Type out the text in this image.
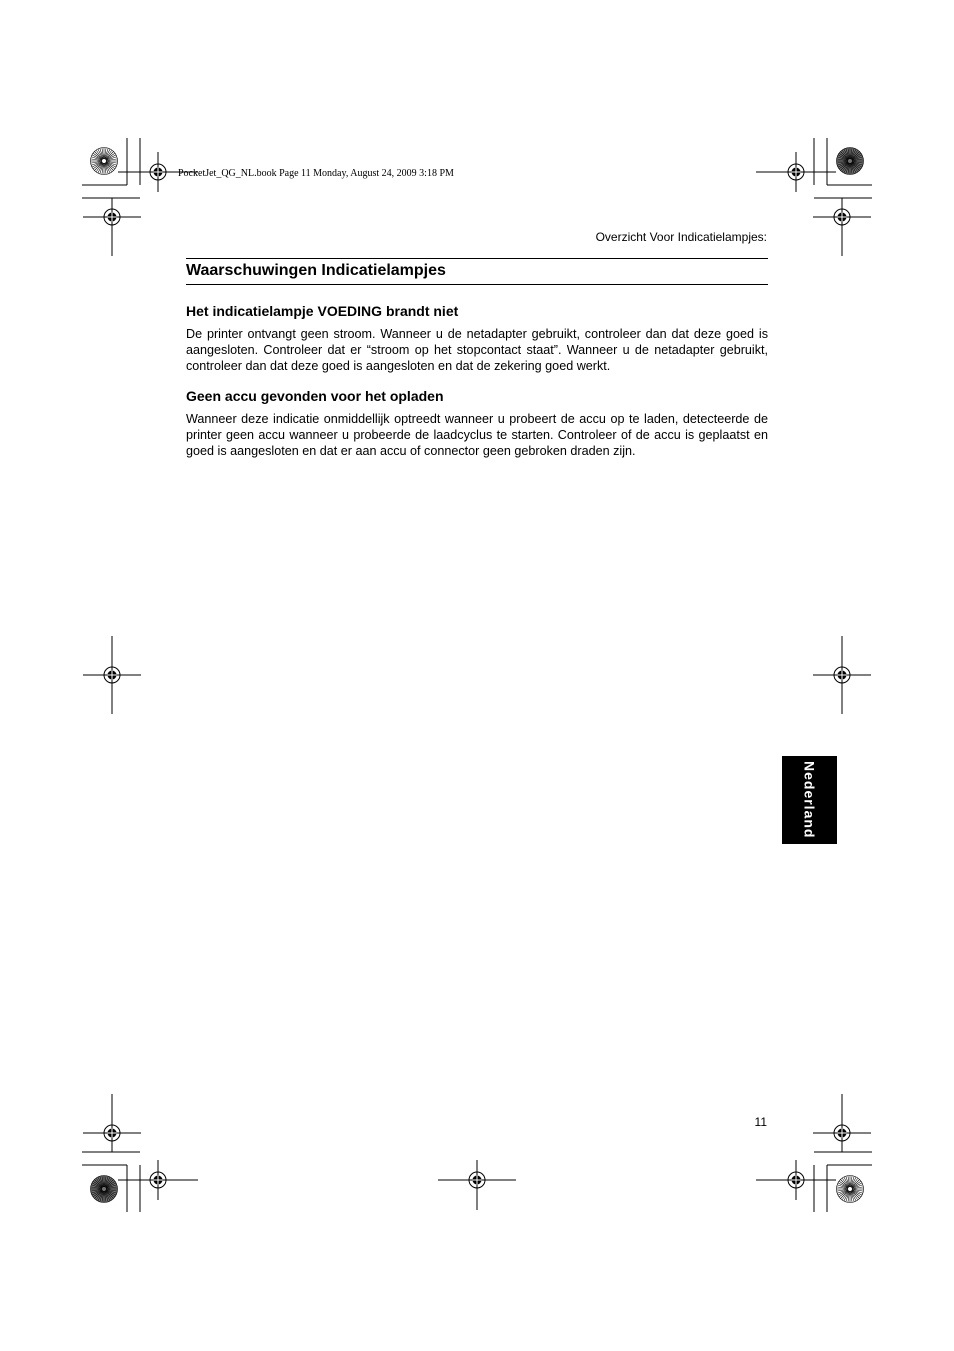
PocketJet_QG_NL.book Page 11 Monday, August 24, 2009 3:18 PM
Overzicht Voor Indicatielampjes:
Waarschuwingen Indicatielampjes
Het indicatielampje VOEDING brandt niet

De printer ontvangt geen stroom. Wanneer u de netadapter gebruikt, controleer dan dat deze goed is aangesloten. Controleer dat er “stroom op het stopcontact staat”. Wanneer u de netadapter gebruikt, controleer dan dat deze goed is aangesloten en dat de zekering goed werkt.

Geen accu gevonden voor het opladen

Wanneer deze indicatie onmiddellijk optreedt wanneer u probeert de accu op te laden, detecteerde de printer geen accu wanneer u probeerde de laadcyclus te starten. Controleer of de accu is geplaatst en goed is aangesloten en dat er aan accu of connector geen gebroken draden zijn.

11
Nederland
